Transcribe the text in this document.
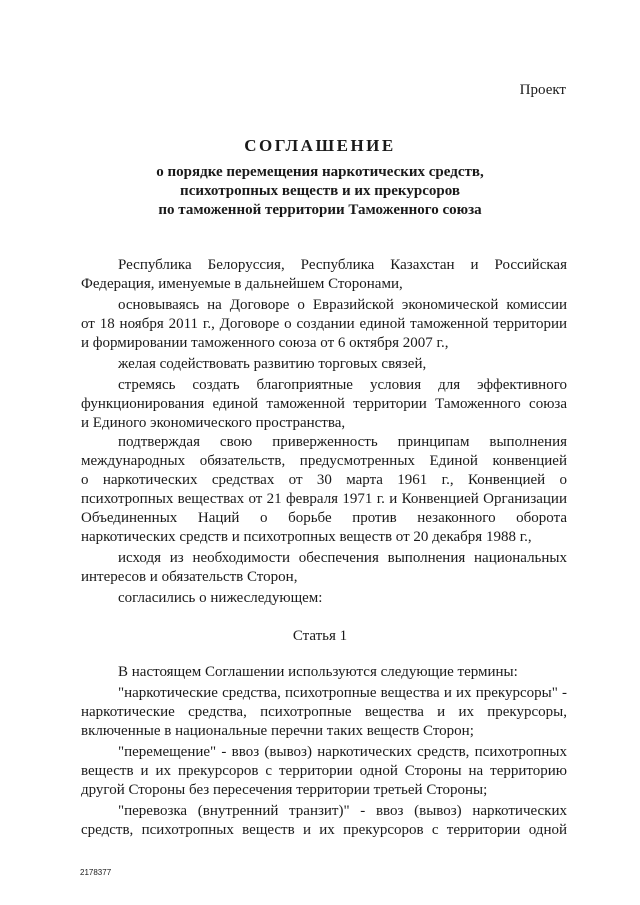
Проект
СОГЛАШЕНИЕ
о порядке перемещения наркотических средств,
психотропных веществ и их прекурсоров
по таможенной территории Таможенного союза
Республика Белоруссия, Республика Казахстан и Российская
Федерация, именуемые в дальнейшем Сторонами,
основываясь на Договоре о Евразийской экономической комиссии
от 18 ноября 2011 г., Договоре о создании единой таможенной территории
и формировании таможенного союза от 6 октября 2007 г.,
желая содействовать развитию торговых связей,
стремясь создать благоприятные условия для эффективного
функционирования единой таможенной территории Таможенного союза
и Единого экономического пространства,
подтверждая свою приверженность принципам выполнения
международных обязательств, предусмотренных Единой конвенцией
о наркотических средствах от 30 марта 1961 г., Конвенцией о
психотропных веществах от 21 февраля 1971 г. и Конвенцией Организации
Объединенных Наций о борьбе против незаконного оборота
наркотических средств и психотропных веществ от 20 декабря 1988 г.,
исходя из необходимости обеспечения выполнения национальных
интересов и обязательств Сторон,
согласились о нижеследующем:
Статья 1
В настоящем Соглашении используются следующие термины:
"наркотические средства, психотропные вещества и их прекурсоры" -
наркотические средства, психотропные вещества и их прекурсоры,
включенные в национальные перечни таких веществ Сторон;
"перемещение" - ввоз (вывоз) наркотических средств, психотропных
веществ и их прекурсоров с территории одной Стороны на территорию
другой Стороны без пересечения территории третьей Стороны;
"перевозка (внутренний транзит)" - ввоз (вывоз) наркотических
средств, психотропных веществ и их прекурсоров с территории одной
2178377
